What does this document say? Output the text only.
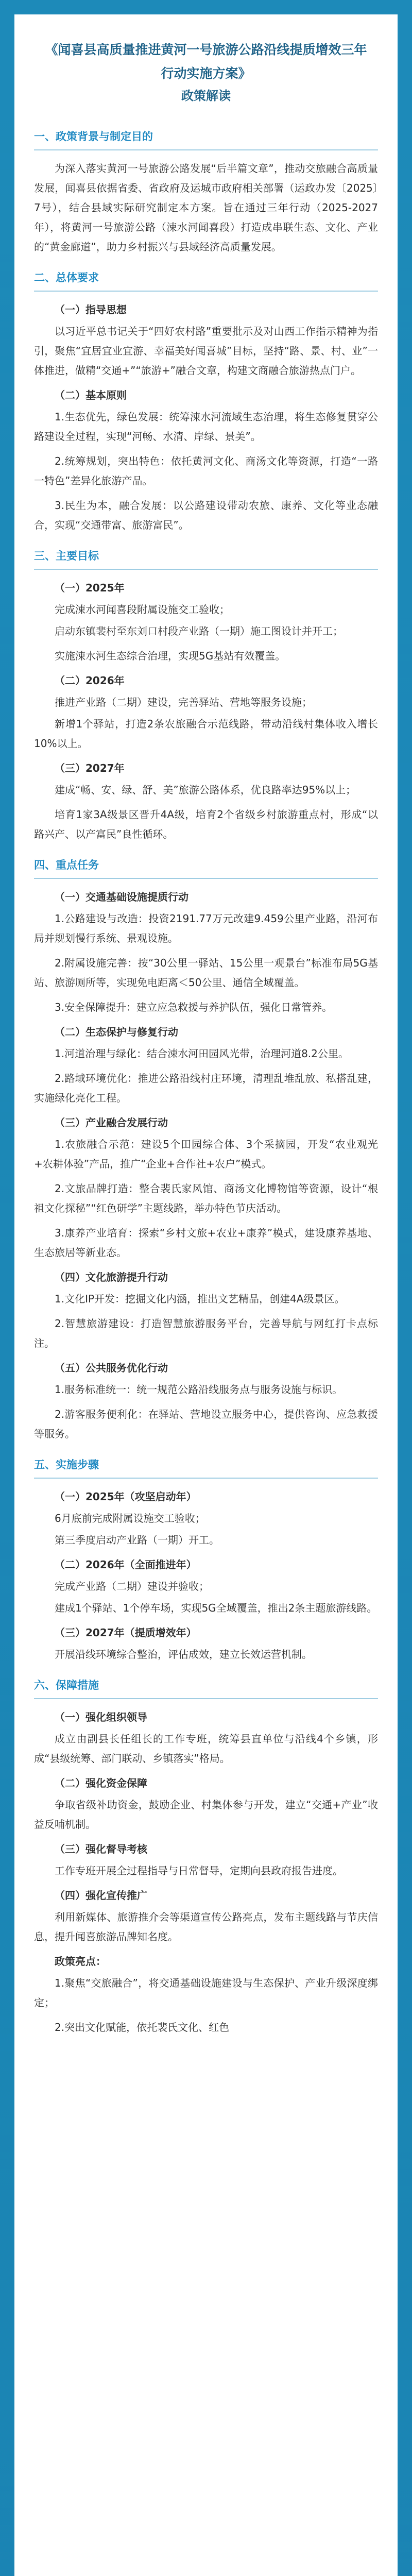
《闻喜县高质量推进黄河一号旅游公路沿线提质增效三年行动实施方案》
政策解读
一、政策背景与制定目的
为深入落实黄河一号旅游公路发展“后半篇文章”，推动交旅融合高质量发展，闻喜县依据省委、省政府及运城市政府相关部署（运政办发〔2025〕7号），结合县域实际研究制定本方案。旨在通过三年行动（2025-2027年），将黄河一号旅游公路（涑水河闻喜段）打造成串联生态、文化、产业的“黄金廊道”，助力乡村振兴与县域经济高质量发展。
二、总体要求
（一）指导思想
以习近平总书记关于“四好农村路”重要批示及对山西工作指示精神为指引，聚焦“宜居宜业宜游、幸福美好闻喜城”目标，坚持“路、景、村、业”一体推进，做精“交通+”“旅游+”融合文章，构建文商融合旅游热点门户。
（二）基本原则
1.生态优先，绿色发展：统筹涑水河流域生态治理，将生态修复贯穿公路建设全过程，实现“河畅、水清、岸绿、景美”。
2.统筹规划，突出特色：依托黄河文化、商汤文化等资源，打造“一路一特色”差异化旅游产品。
3.民生为本，融合发展：以公路建设带动农旅、康养、文化等业态融合，实现“交通带富、旅游富民”。
三、主要目标
（一）2025年
完成涑水河闻喜段附属设施交工验收；
启动东镇裴村至东刘口村段产业路（一期）施工图设计并开工；
实施涑水河生态综合治理，实现5G基站有效覆盖。
（二）2026年
推进产业路（二期）建设，完善驿站、营地等服务设施；
新增1个驿站，打造2条农旅融合示范线路，带动沿线村集体收入增长10%以上。
（三）2027年
建成“畅、安、绿、舒、美”旅游公路体系，优良路率达95%以上；
培育1家3A级景区晋升4A级，培育2个省级乡村旅游重点村，形成“以路兴产、以产富民”良性循环。
四、重点任务
（一）交通基础设施提质行动
1.公路建设与改造：投资2191.77万元改建9.459公里产业路，沿河布局并规划慢行系统、景观设施。
2.附属设施完善：按“30公里一驿站、15公里一观景台”标准布局5G基站、旅游厕所等，实现免电距离＜50公里、通信全域覆盖。
3.安全保障提升：建立应急救援与养护队伍，强化日常管养。
（二）生态保护与修复行动
1.河道治理与绿化：结合涑水河田园风光带，治理河道8.2公里。
2.路域环境优化：推进公路沿线村庄环境，清理乱堆乱放、私搭乱建，实施绿化亮化工程。
（三）产业融合发展行动
1.农旅融合示范：建设5个田园综合体、3个采摘园，开发“农业观光+农耕体验”产品，推广“企业+合作社+农户”模式。
2.文旅品牌打造：整合裴氏家风馆、商汤文化博物馆等资源，设计“根祖文化探秘”“红色研学”主题线路，举办特色节庆活动。
3.康养产业培育：探索“乡村文旅+农业+康养”模式，建设康养基地、生态旅居等新业态。
（四）文化旅游提升行动
1.文化IP开发：挖掘文化内涵，推出文艺精品，创建4A级景区。
2.智慧旅游建设：打造智慧旅游服务平台，完善导航与网红打卡点标注。
（五）公共服务优化行动
1.服务标准统一：统一规范公路沿线服务点与服务设施与标识。
2.游客服务便利化：在驿站、营地设立服务中心，提供咨询、应急救援等服务。
五、实施步骤
（一）2025年（攻坚启动年）
6月底前完成附属设施交工验收；
第三季度启动产业路（一期）开工。
（二）2026年（全面推进年）
完成产业路（二期）建设并验收；
建成1个驿站、1个停车场，实现5G全域覆盖，推出2条主题旅游线路。
（三）2027年（提质增效年）
开展沿线环境综合整治，评估成效，建立长效运营机制。
六、保障措施
（一）强化组织领导
成立由副县长任组长的工作专班，统筹县直单位与沿线4个乡镇，形成“县级统筹、部门联动、乡镇落实”格局。
（二）强化资金保障
争取省级补助资金，鼓励企业、村集体参与开发，建立“交通+产业”收益反哺机制。
（三）强化督导考核
工作专班开展全过程指导与日常督导，定期向县政府报告进度。
（四）强化宣传推广
利用新媒体、旅游推介会等渠道宣传公路亮点，发布主题线路与节庆信息，提升闻喜旅游品牌知名度。
政策亮点：
1.聚焦“交旅融合”，将交通基础设施建设与生态保护、产业升级深度绑定；
2.突出文化赋能，依托裴氏文化、红色
